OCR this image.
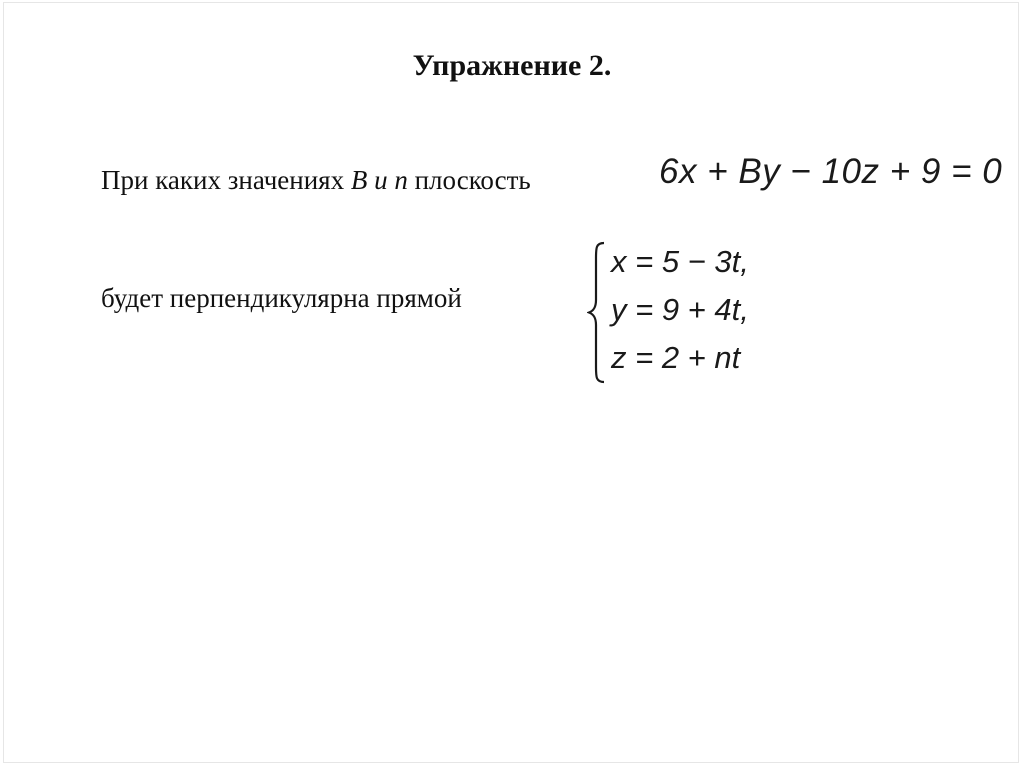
Упражнение 2.
При каких значениях B и n плоскость	6x + By − 10z + 9 = 0
будет перпендикулярна прямой
x = 5 − 3t,
y = 9 + 4t,
z = 2 + nt
